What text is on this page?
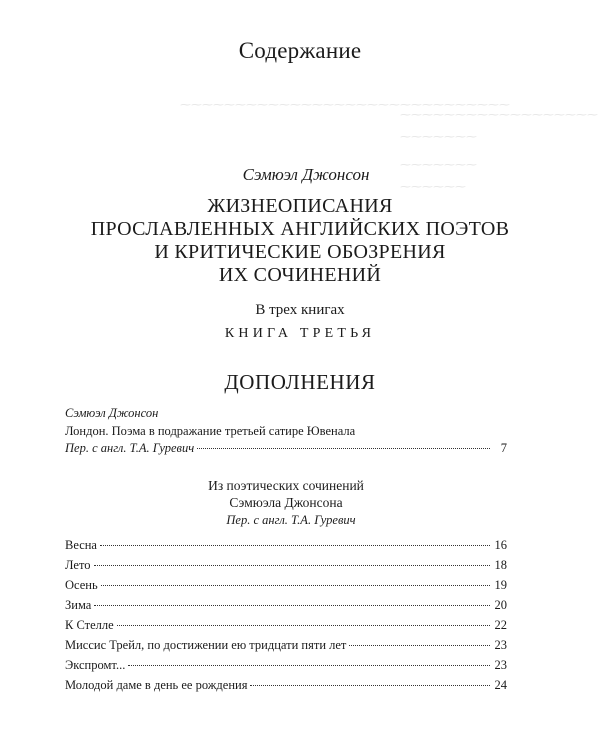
⁓⁓⁓⁓⁓⁓⁓⁓⁓⁓⁓⁓⁓⁓⁓⁓⁓⁓⁓⁓⁓⁓⁓⁓⁓⁓⁓⁓⁓⁓
⁓⁓⁓⁓⁓⁓⁓⁓⁓⁓⁓⁓⁓⁓⁓⁓⁓⁓
⁓⁓⁓⁓⁓⁓⁓
⁓⁓⁓⁓⁓⁓⁓
⁓⁓⁓⁓⁓⁓
Содержание
Сэмюэл Джонсон
ЖИЗНЕОПИСАНИЯ
ПРОСЛАВЛЕННЫХ АНГЛИЙСКИХ ПОЭТОВ
И КРИТИЧЕСКИЕ ОБОЗРЕНИЯ
ИХ СОЧИНЕНИЙ
В трех книгах
КНИГА ТРЕТЬЯ
ДОПОЛНЕНИЯ
Сэмюэл Джонсон
Лондон. Поэма в подражание третьей сатире Ювенала
Пер. с англ. Т.А. Гуревич	7
Из поэтических сочинений
Сэмюэла Джонсона
Пер. с англ. Т.А. Гуревич
Весна	16
Лето	18
Осень	19
Зима	20
К Стелле	22
Миссис Трейл, по достижении ею тридцати пяти лет	23
Экспромт...	23
Молодой даме в день ее рождения	24
